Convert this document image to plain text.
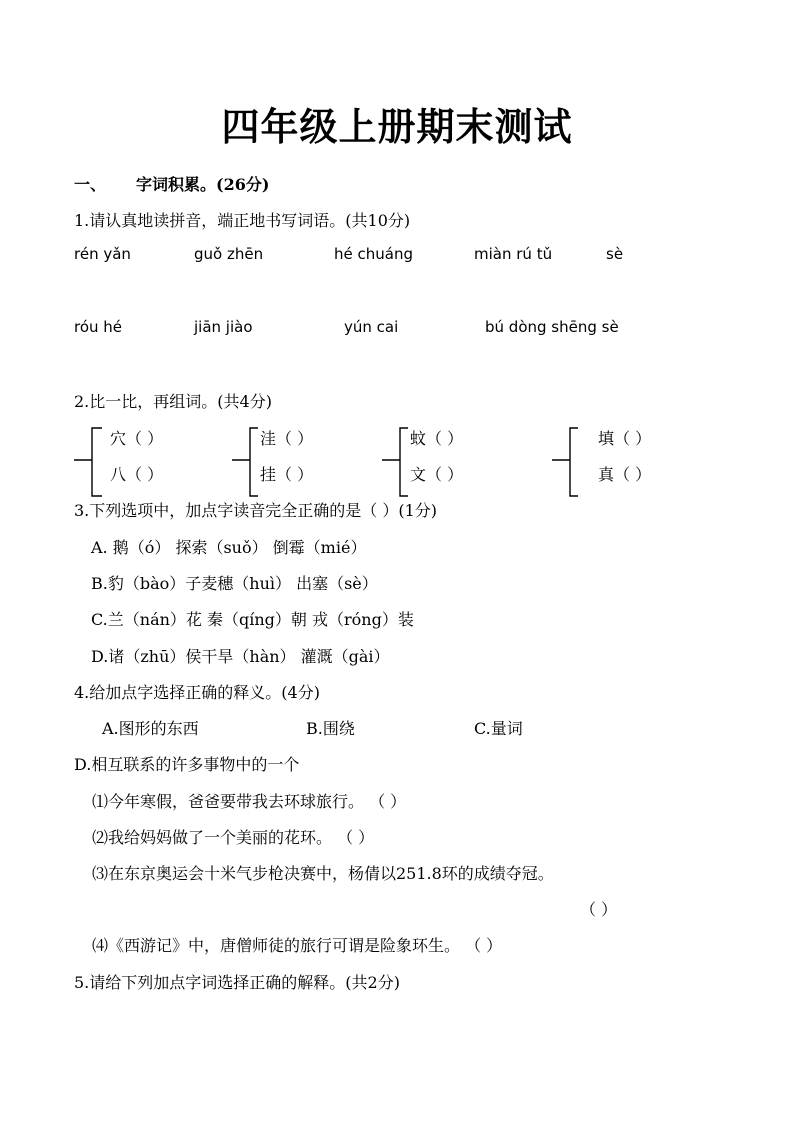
四年级上册期末测试
一、 字词积累。(26分)
1.请认真地读拼音，端正地书写词语。(共10分)
rén yǎn	guǒ zhēn	hé chuáng	miàn rú tǔ	sè
róu hé	jiān jiào	yún cai	bú dòng shēng sè
2.比一比，再组词。(共4分)
穴（ ）
八（ ）
洼（ ）
挂（ ）
蚊（ ）
文（ ）
填（ ）
真（ ）
3.下列选项中，加点字读音完全正确的是（ ）(1分)
A. 鹅（ó） 探索（suǒ） 倒霉（mié）
B.豹（bào）子麦穗（huì） 出塞（sè）
C.兰（nán）花 秦（qíng）朝 戎（róng）装
D.诸（zhū）侯干旱（hàn） 灌溉（gài）
4.给加点字选择正确的释义。(4分)
A.图形的东西	B.围绕	C.量词
D.相互联系的许多事物中的一个
⑴今年寒假，爸爸要带我去环球旅行。 （ ）
⑵我给妈妈做了一个美丽的花环。 （ ）
⑶在东京奥运会十米气步枪决赛中，杨倩以251.8环的成绩夺冠。
（ ）
⑷《西游记》中，唐僧师徒的旅行可谓是险象环生。 （ ）
5.请给下列加点字词选择正确的解释。(共2分)
